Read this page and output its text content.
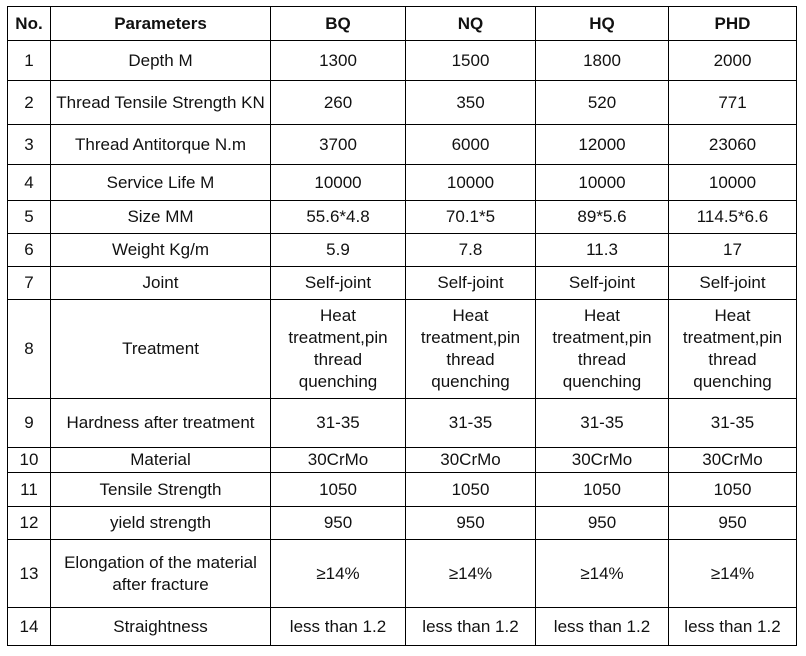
No.	Parameters	BQ	NQ	HQ	PHD
1	Depth M	1300	1500	1800	2000
2	Thread Tensile Strength KN	260	350	520	771
3	Thread Antitorque N.m	3700	6000	12000	23060
4	Service Life M	10000	10000	10000	10000
5	Size MM	55.6*4.8	70.1*5	89*5.6	114.5*6.6
6	Weight Kg/m	5.9	7.8	11.3	17
7	Joint	Self-joint	Self-joint	Self-joint	Self-joint
8	Treatment	Heat treatment,pin thread quenching	Heat treatment,pin thread quenching	Heat treatment,pin thread quenching	Heat treatment,pin thread quenching
9	Hardness after treatment	31-35	31-35	31-35	31-35
10	Material	30CrMo	30CrMo	30CrMo	30CrMo
11	Tensile Strength	1050	1050	1050	1050
12	yield strength	950	950	950	950
13	Elongation of the material after fracture	≥14%	≥14%	≥14%	≥14%
14	Straightness	less than 1.2	less than 1.2	less than 1.2	less than 1.2
